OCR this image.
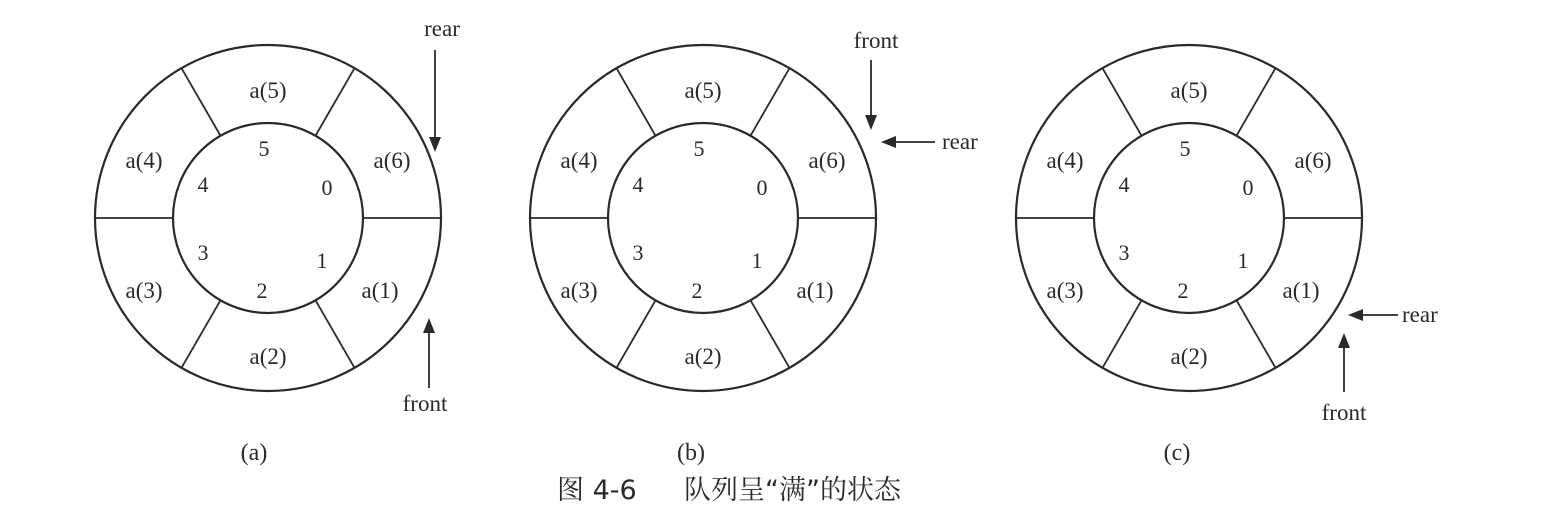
a(1)
a(2)
a(3)
a(4)
a(5)
a(6)
0
1
2
3
4
5
rear
front
(a)
a(1)
a(2)
a(3)
a(4)
a(5)
a(6)
0
1
2
3
4
5
front
rear
(b)
a(1)
a(2)
a(3)
a(4)
a(5)
a(6)
0
1
2
3
4
5
rear
front
(c)
图 4-6 队列呈“满”的状态
